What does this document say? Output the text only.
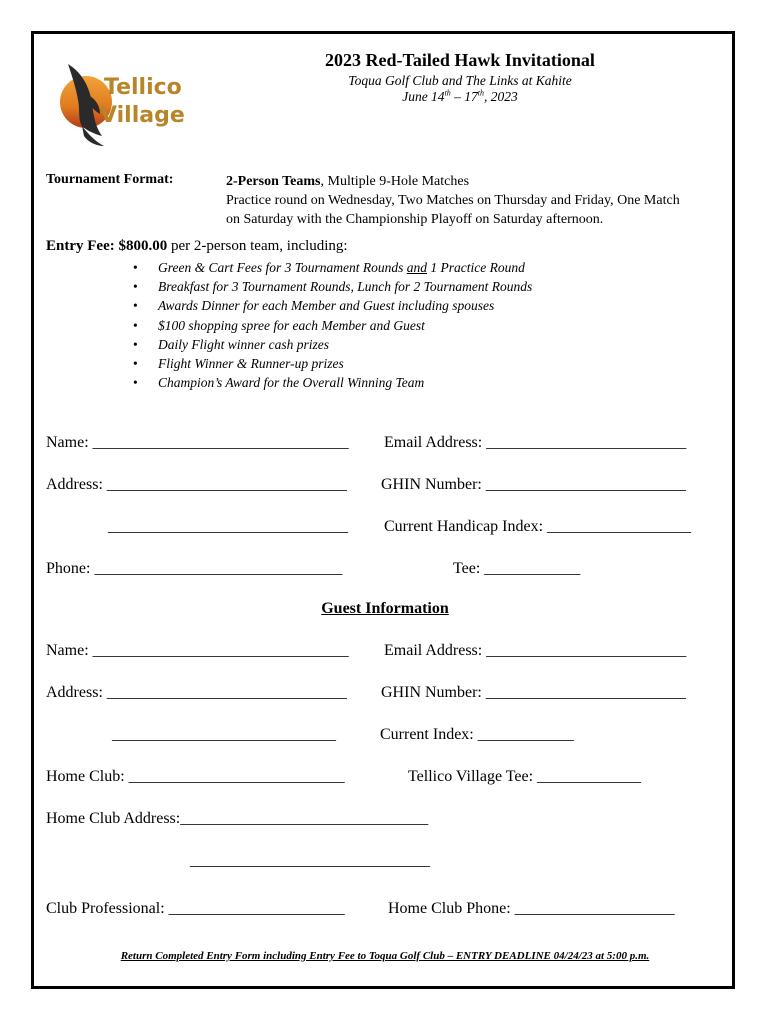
Tellico
Village
2023 Red-Tailed Hawk Invitational
Toqua Golf Club and The Links at Kahite
June 14th – 17th, 2023
Tournament Format:	2-Person Teams, Multiple 9-Hole Matches
Practice round on Wednesday, Two Matches on Thursday and Friday, One Match
on Saturday with the Championship Playoff on Saturday afternoon.
Entry Fee: $800.00 per 2-person team, including:
• Green & Cart Fees for 3 Tournament Rounds and 1 Practice Round
• Breakfast for 3 Tournament Rounds, Lunch for 2 Tournament Rounds
• Awards Dinner for each Member and Guest including spouses
• $100 shopping spree for each Member and Guest
• Daily Flight winner cash prizes
• Flight Winner & Runner-up prizes
• Champion’s Award for the Overall Winning Team
Name: ________________________________ Email Address: _________________________
Address: ______________________________ GHIN Number: _________________________
______________________________ Current Handicap Index: __________________
Phone: _______________________________	Tee: ____________
Guest Information
Name: ________________________________ Email Address: _________________________
Address: ______________________________ GHIN Number: _________________________
____________________________	Current Index: ____________
Home Club: ___________________________	Tellico Village Tee: _____________
Home Club Address:_______________________________
______________________________
Club Professional: ______________________	Home Club Phone: ____________________
Return Completed Entry Form including Entry Fee to Toqua Golf Club – ENTRY DEADLINE 04/24/23 at 5:00 p.m.
